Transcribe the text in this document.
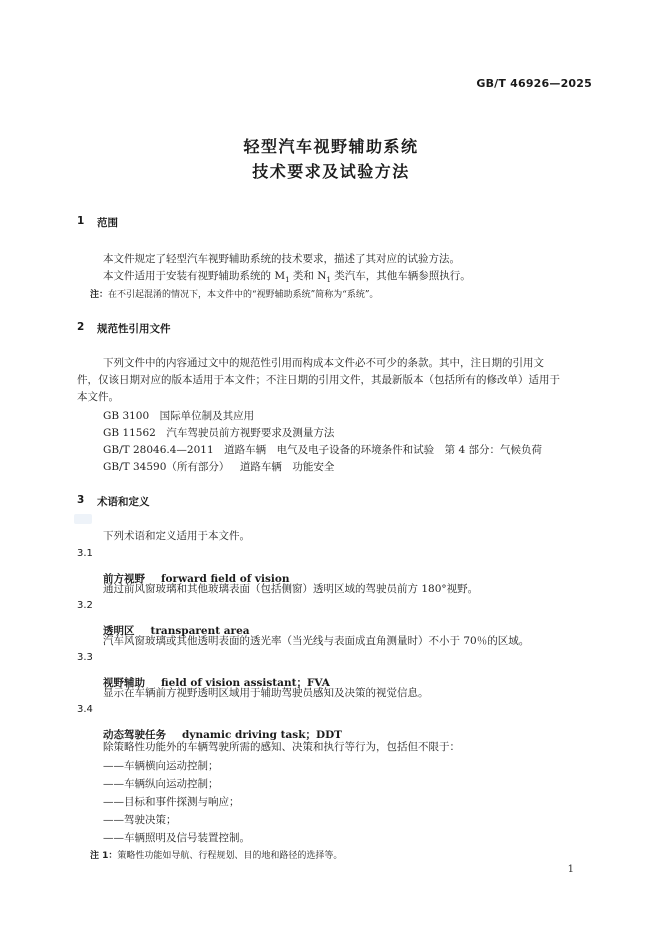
GB/T 46926—2025
轻型汽车视野辅助系统
技术要求及试验方法
1 范围
本文件规定了轻型汽车视野辅助系统的技术要求，描述了其对应的试验方法。
本文件适用于安装有视野辅助系统的 $M_1$ 类和 $N_1$ 类汽车，其他车辆参照执行。
注：在不引起混淆的情况下，本文件中的“视野辅助系统”简称为“系统”。
2 规范性引用文件
下列文件中的内容通过文中的规范性引用而构成本文件必不可少的条款。其中，注日期的引用文
件，仅该日期对应的版本适用于本文件；不注日期的引用文件，其最新版本（包括所有的修改单）适用于
本文件。
GB 3100　 国际单位制及其应用
GB 11562　 汽车驾驶员前方视野要求及测量方法
GB/T 28046.4—2011　 道路车辆　电气及电子设备的环境条件和试验　第 4 部分：气候负荷
GB/T 34590（所有部分）　 道路车辆　功能安全
3 术语和定义
下列术语和定义适用于本文件。
3.1
前方视野　 forward field of vision
通过前风窗玻璃和其他玻璃表面（包括侧窗）透明区域的驾驶员前方 180°视野。
3.2
透明区　 transparent area
汽车风窗玻璃或其他透明表面的透光率（当光线与表面成直角测量时）不小于 70％的区域。
3.3
视野辅助　 field of vision assistant；FVA
显示在车辆前方视野透明区域用于辅助驾驶员感知及决策的视觉信息。
3.4
动态驾驶任务　 dynamic driving task；DDT
除策略性功能外的车辆驾驶所需的感知、决策和执行等行为，包括但不限于：
——车辆横向运动控制；
——车辆纵向运动控制；
——目标和事件探测与响应；
——驾驶决策；
——车辆照明及信号装置控制。
注 1：策略性功能如导航、行程规划、目的地和路径的选择等。
1
